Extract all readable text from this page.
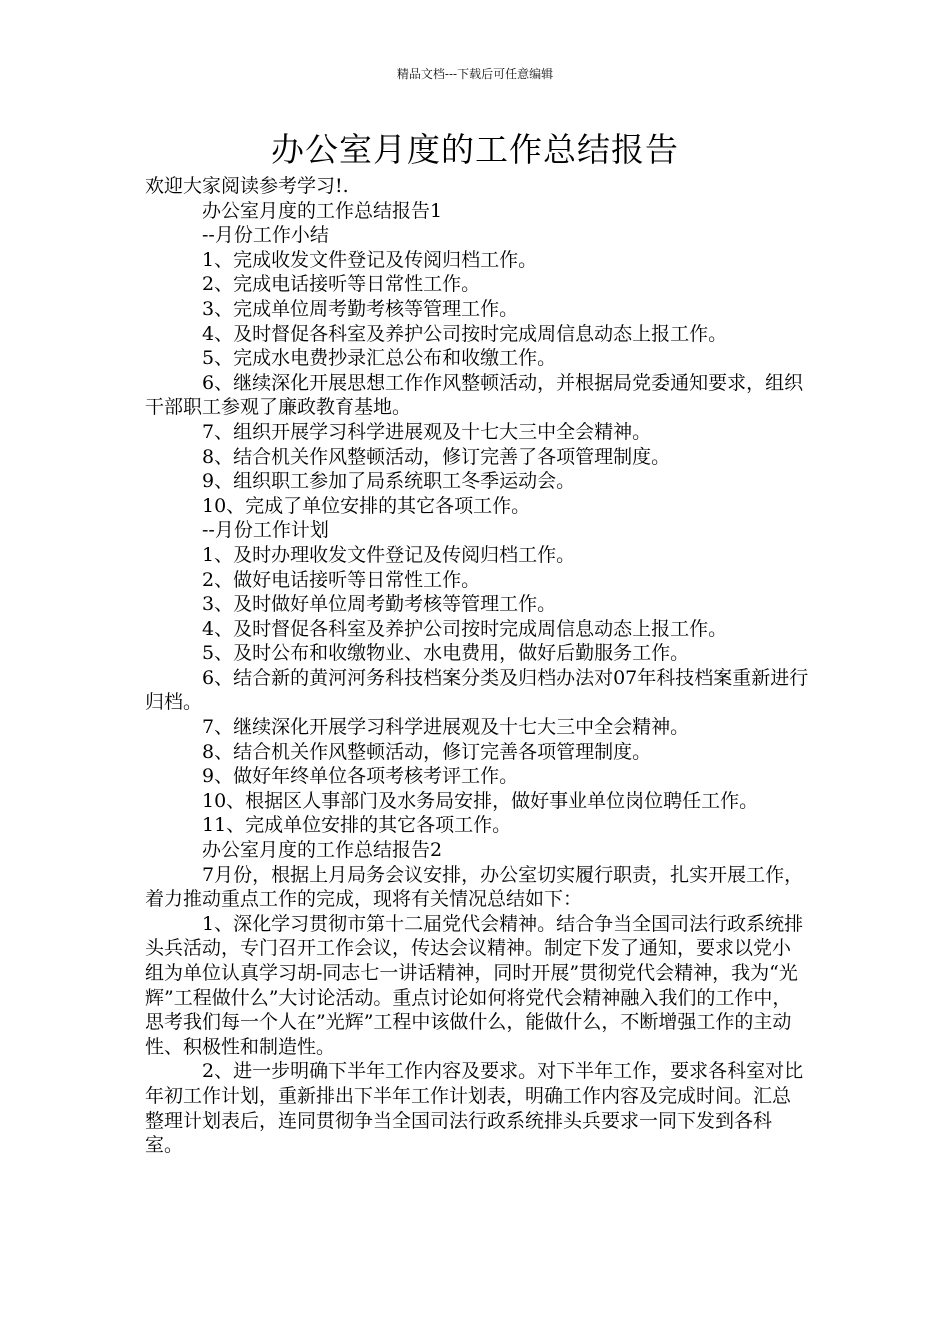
精品文档---下载后可任意编辑
办公室月度的工作总结报告

欢迎大家阅读参考学习!.

办公室月度的工作总结报告1

--月份工作小结

1、完成收发文件登记及传阅归档工作。

2、完成电话接听等日常性工作。

3、完成单位周考勤考核等管理工作。

4、及时督促各科室及养护公司按时完成周信息动态上报工作。

5、完成水电费抄录汇总公布和收缴工作。

6、继续深化开展思想工作作风整顿活动，并根据局党委通知要求，组织干部职工参观了廉政教育基地。

7、组织开展学习科学进展观及十七大三中全会精神。

8、结合机关作风整顿活动，修订完善了各项管理制度。

9、组织职工参加了局系统职工冬季运动会。

10、完成了单位安排的其它各项工作。

--月份工作计划

1、及时办理收发文件登记及传阅归档工作。

2、做好电话接听等日常性工作。

3、及时做好单位周考勤考核等管理工作。

4、及时督促各科室及养护公司按时完成周信息动态上报工作。

5、及时公布和收缴物业、水电费用，做好后勤服务工作。

6、结合新的黄河河务科技档案分类及归档办法对07年科技档案重新进行归档。

7、继续深化开展学习科学进展观及十七大三中全会精神。

8、结合机关作风整顿活动，修订完善各项管理制度。

9、做好年终单位各项考核考评工作。

10、根据区人事部门及水务局安排，做好事业单位岗位聘任工作。

11、完成单位安排的其它各项工作。

办公室月度的工作总结报告2

7月份，根据上月局务会议安排，办公室切实履行职责，扎实开展工作，着力推动重点工作的完成，现将有关情况总结如下：

1、深化学习贯彻市第十二届党代会精神。结合争当全国司法行政系统排头兵活动，专门召开工作会议，传达会议精神。制定下发了通知，要求以党小组为单位认真学习胡-同志七一讲话精神，同时开展”贯彻党代会精神，我为“光辉”工程做什么”大讨论活动。重点讨论如何将党代会精神融入我们的工作中，思考我们每一个人在”光辉”工程中该做什么，能做什么，不断增强工作的主动性、积极性和制造性。

2、进一步明确下半年工作内容及要求。对下半年工作，要求各科室对比年初工作计划，重新排出下半年工作计划表，明确工作内容及完成时间。汇总整理计划表后，连同贯彻争当全国司法行政系统排头兵要求一同下发到各科室。
